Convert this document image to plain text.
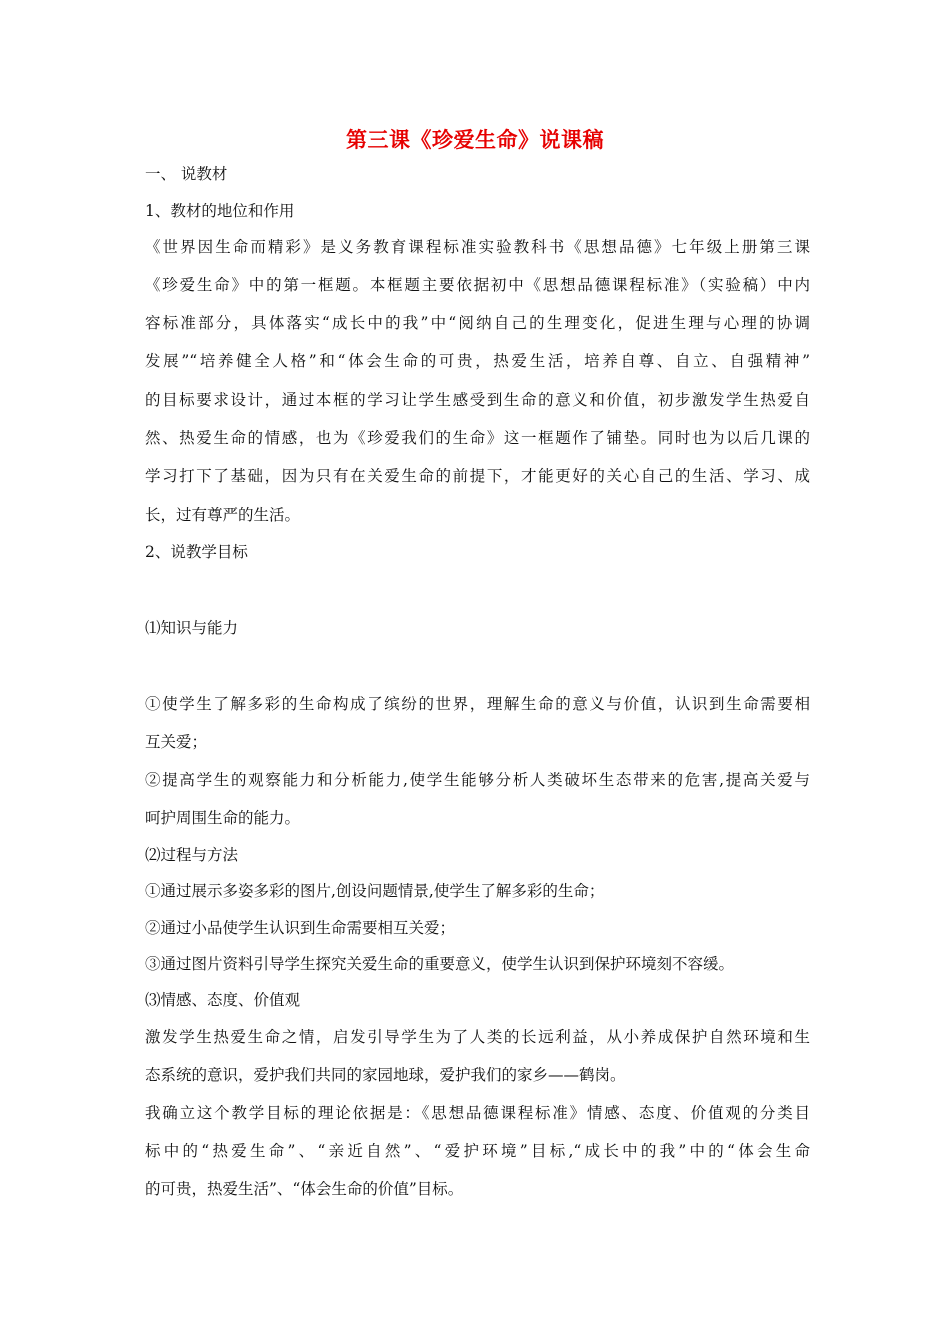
第三课《珍爱生命》说课稿
一、 说教材
1、教材的地位和作用
《世界因生命而精彩》是义务教育课程标准实验教科书《思想品德》七年级上册第三课
《珍爱生命》中的第一框题。本框题主要依据初中《思想品德课程标准》（实验稿）中内
容标准部分，具体落实“成长中的我”中“阅纳自己的生理变化，促进生理与心理的协调
发展”“培养健全人格”和“体会生命的可贵，热爱生活，培养自尊、自立、自强精神”
的目标要求设计，通过本框的学习让学生感受到生命的意义和价值，初步激发学生热爱自
然、热爱生命的情感，也为《珍爱我们的生命》这一框题作了铺垫。同时也为以后几课的
学习打下了基础，因为只有在关爱生命的前提下，才能更好的关心自己的生活、学习、成
长，过有尊严的生活。
2、说教学目标
⑴知识与能力
①使学生了解多彩的生命构成了缤纷的世界，理解生命的意义与价值，认识到生命需要相
互关爱；
②提高学生的观察能力和分析能力,使学生能够分析人类破坏生态带来的危害,提高关爱与
呵护周围生命的能力。
⑵过程与方法
①通过展示多姿多彩的图片,创设问题情景,使学生了解多彩的生命；
②通过小品使学生认识到生命需要相互关爱；
③通过图片资料引导学生探究关爱生命的重要意义，使学生认识到保护环境刻不容缓。
⑶情感、态度、价值观
激发学生热爱生命之情，启发引导学生为了人类的长远利益，从小养成保护自然环境和生
态系统的意识，爱护我们共同的家园地球，爱护我们的家乡——鹤岗。
我确立这个教学目标的理论依据是：《思想品德课程标准》情感、态度、价值观的分类目
标中的“热爱生命”、“亲近自然”、“爱护环境”目标,“成长中的我”中的“体会生命
的可贵，热爱生活”、“体会生命的价值”目标。
